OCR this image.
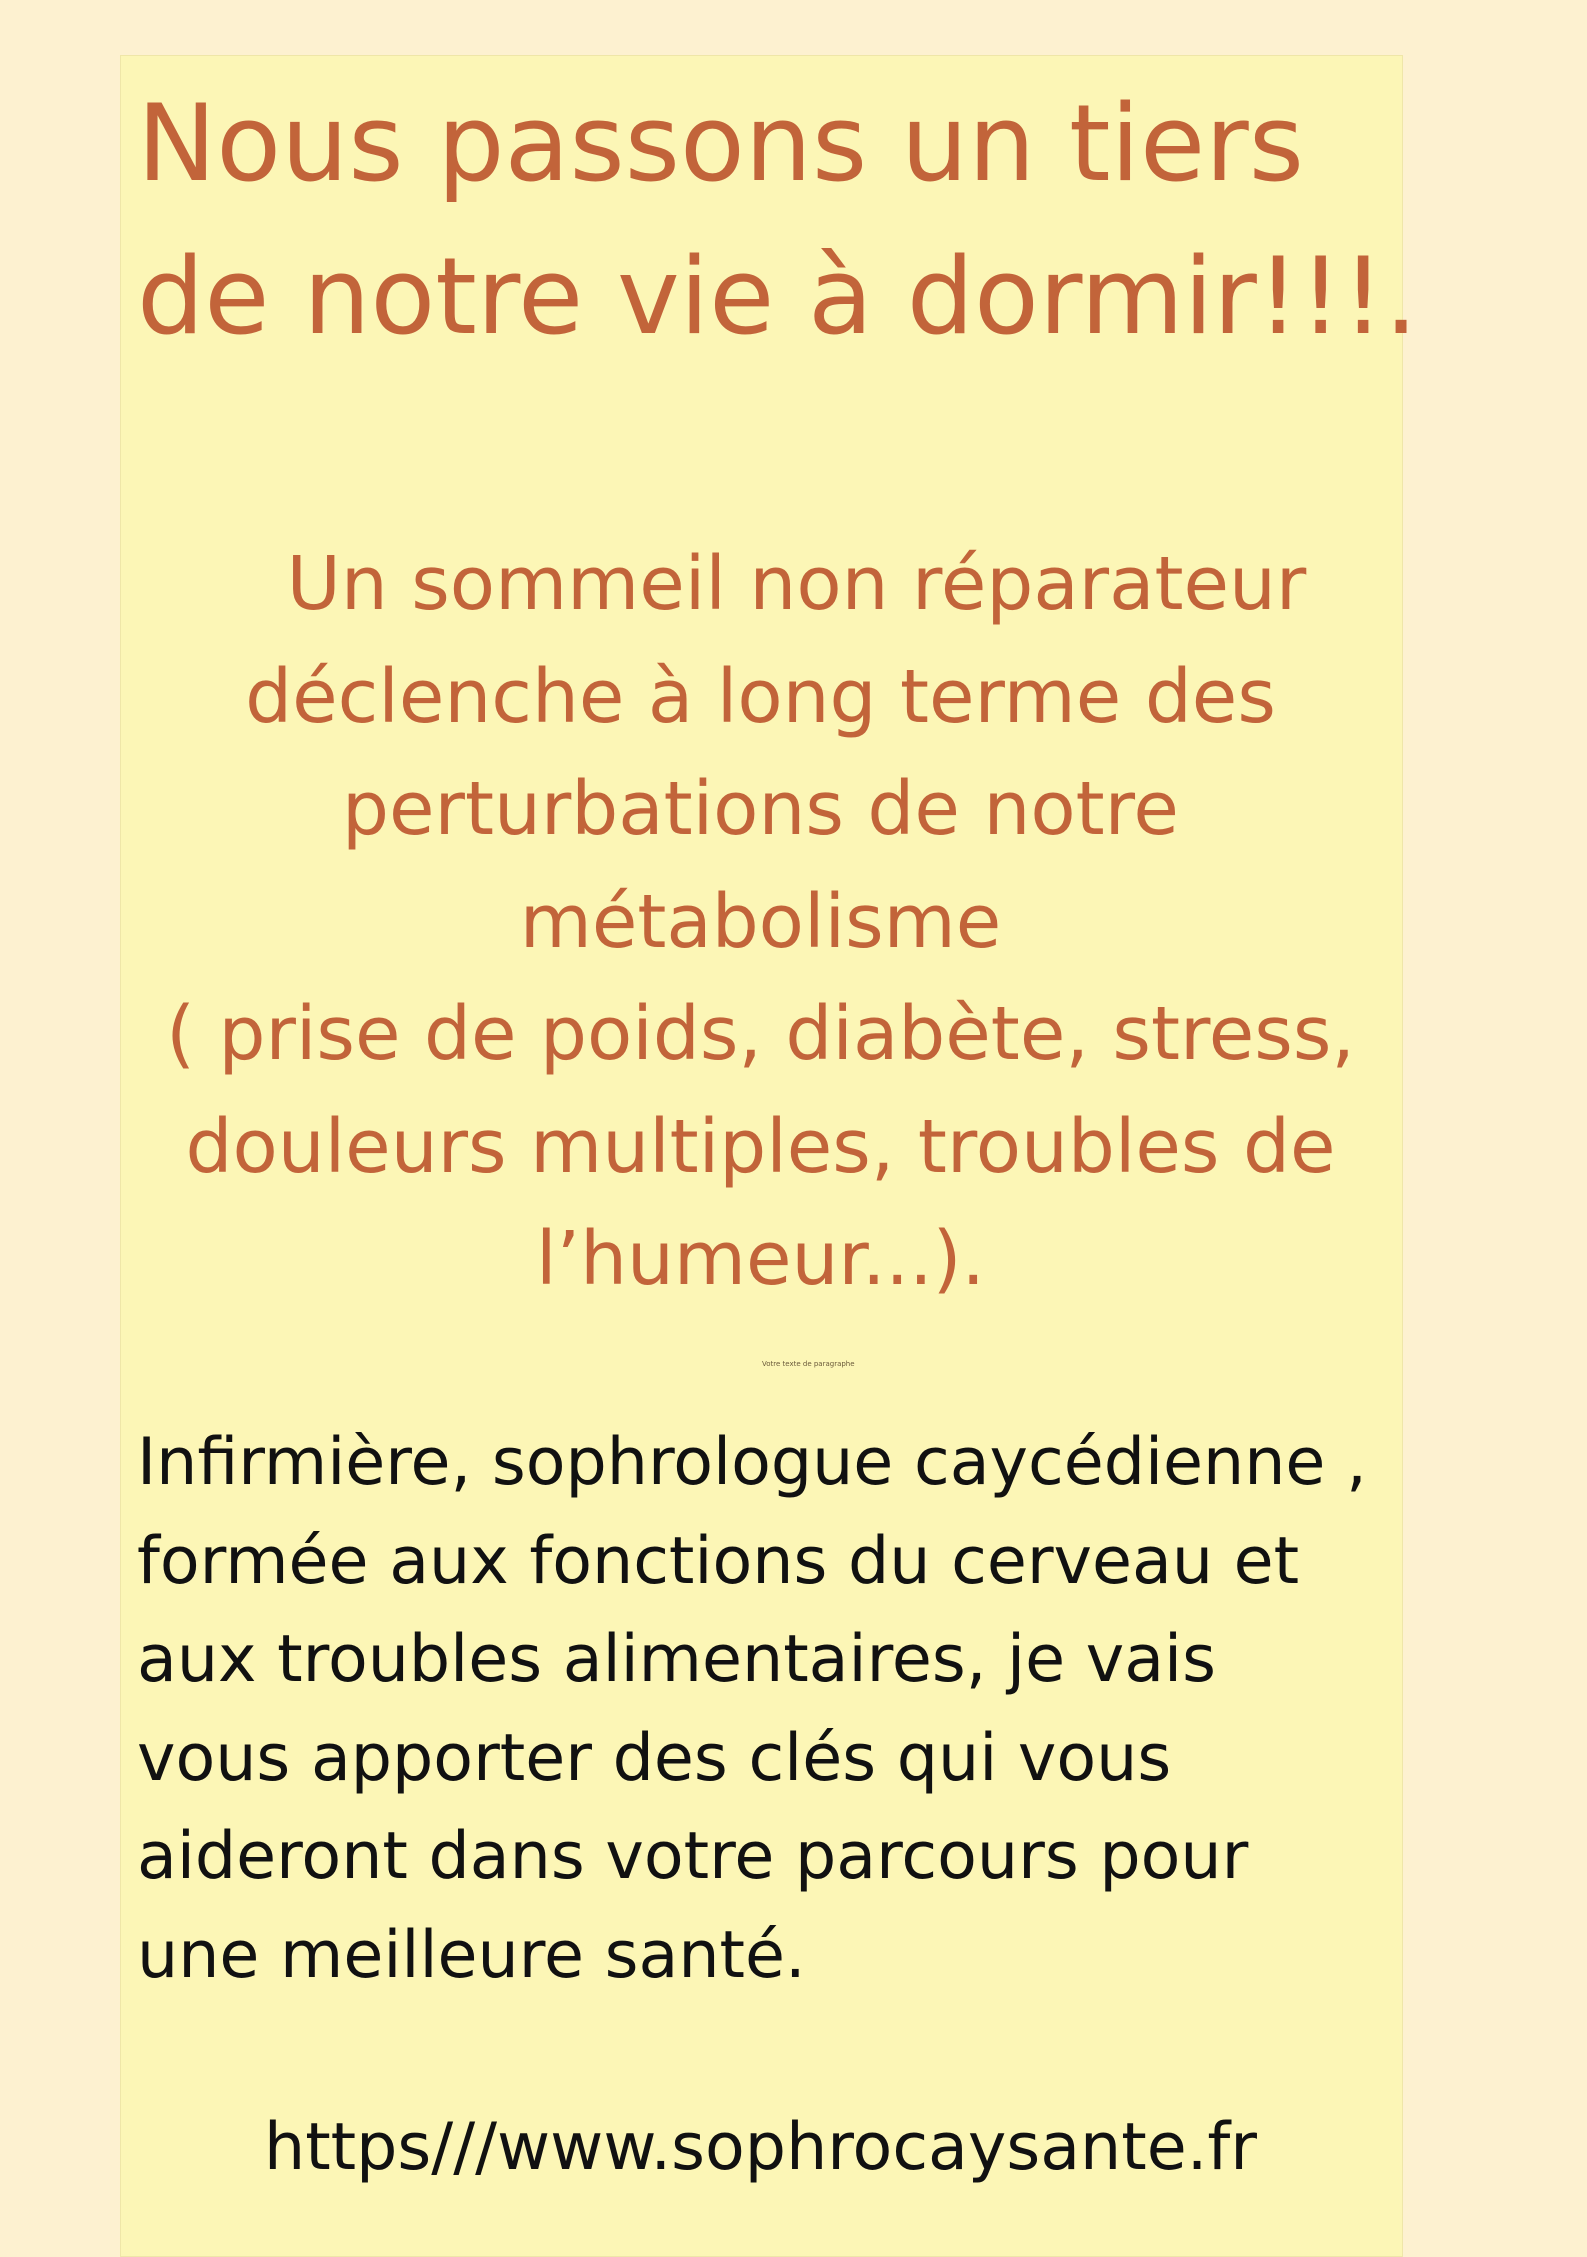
Nous passons un tiers
de notre vie à dormir!!!.
Un sommeil non réparateur
déclenche à long terme des
perturbations de notre
métabolisme
( prise de poids, diabète, stress,
douleurs multiples, troubles de
l’humeur...).
Votre texte de paragraphe
Infirmière, sophrologue caycédienne ,
formée aux fonctions du cerveau et
aux troubles alimentaires, je vais
vous apporter des clés qui vous
aideront dans votre parcours pour
une meilleure santé.
https///www.sophrocaysante.fr
